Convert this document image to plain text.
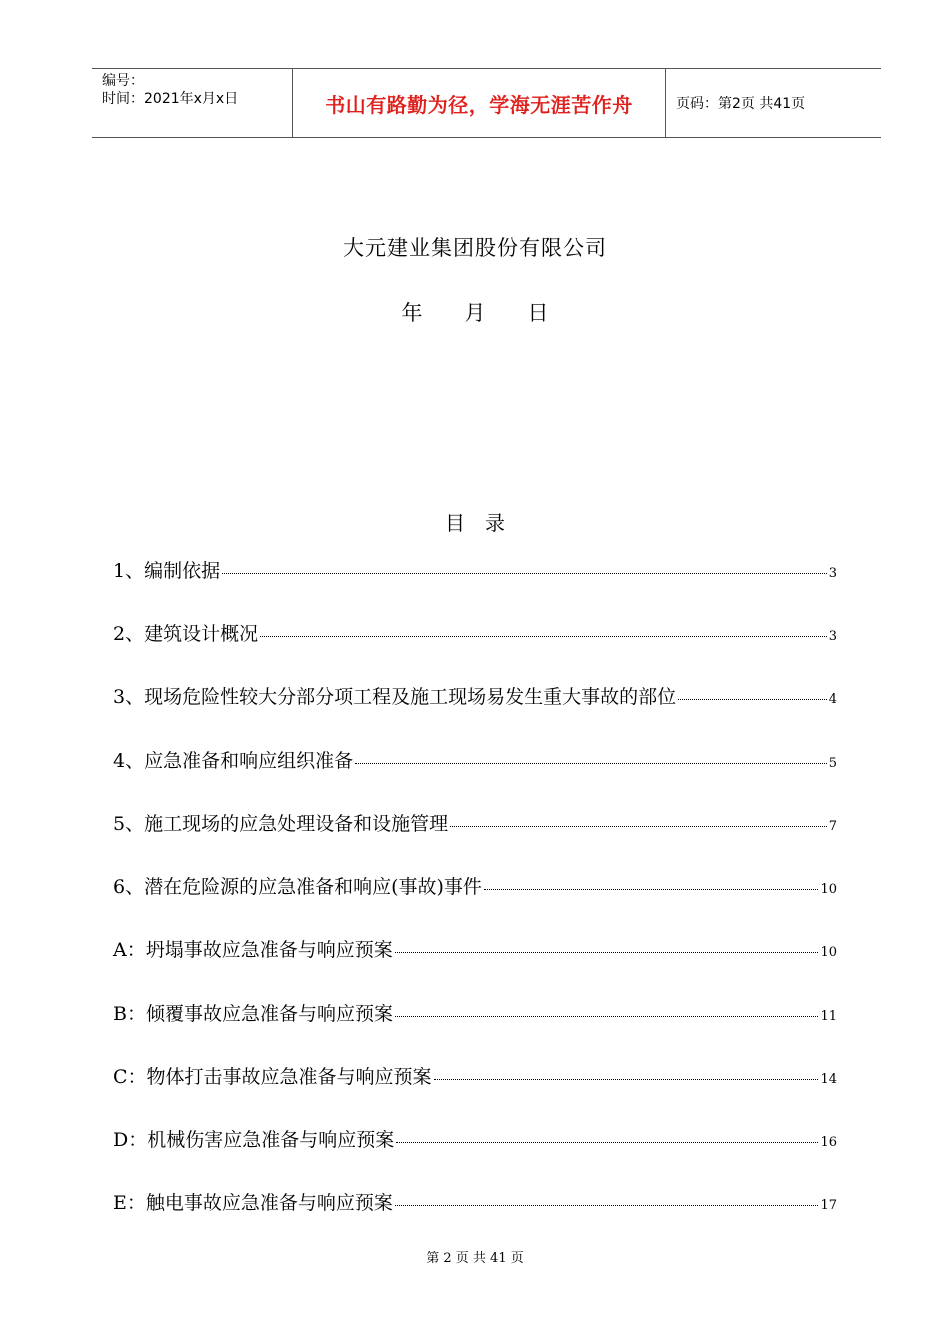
编号：
时间：2021年x月x日	书山有路勤为径，学海无涯苦作舟	页码：第2页 共41页
大元建业集团股份有限公司
年　　月　　日
目　录
1、编制依据	3
2、建筑设计概况	3
3、现场危险性较大分部分项工程及施工现场易发生重大事故的部位	4
4、应急准备和响应组织准备	5
5、施工现场的应急处理设备和设施管理	7
6、潜在危险源的应急准备和响应(事故)事件	10
A：坍塌事故应急准备与响应预案	10
B：倾覆事故应急准备与响应预案	11
C：物体打击事故应急准备与响应预案	14
D：机械伤害应急准备与响应预案	16
E：触电事故应急准备与响应预案	17
第 2 页 共 41 页
